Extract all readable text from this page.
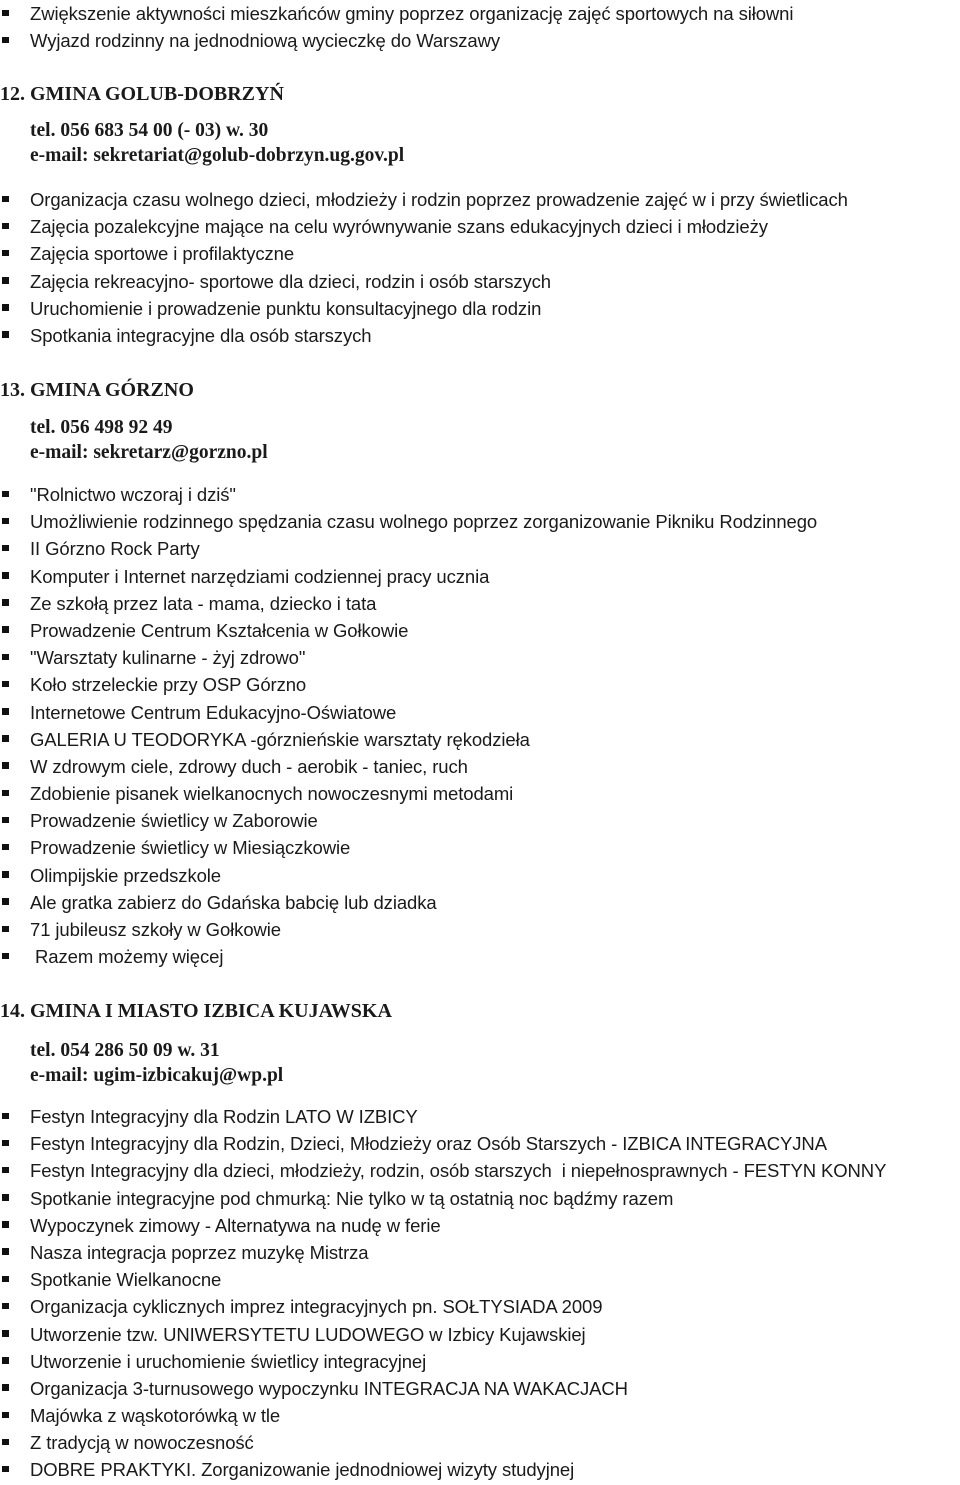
Zwiększenie aktywności mieszkańców gminy poprzez organizację zajęć sportowych na siłowni
Wyjazd rodzinny na jednodniową wycieczkę do Warszawy
12. GMINA GOLUB-DOBRZYŃ
tel. 056 683 54 00 (- 03) w. 30
e-mail: sekretariat@golub-dobrzyn.ug.gov.pl
Organizacja czasu wolnego dzieci, młodzieży i rodzin poprzez prowadzenie zajęć w i przy świetlicach
Zajęcia pozalekcyjne mające na celu wyrównywanie szans edukacyjnych dzieci i młodzieży
Zajęcia sportowe i profilaktyczne
Zajęcia rekreacyjno- sportowe dla dzieci, rodzin i osób starszych
Uruchomienie i prowadzenie punktu konsultacyjnego dla rodzin
Spotkania integracyjne dla osób starszych
13. GMINA GÓRZNO
tel. 056 498 92 49
e-mail: sekretarz@gorzno.pl
"Rolnictwo wczoraj i dziś"
Umożliwienie rodzinnego spędzania czasu wolnego poprzez zorganizowanie Pikniku Rodzinnego
II Górzno Rock Party
Komputer i Internet narzędziami codziennej pracy ucznia
Ze szkołą przez lata - mama, dziecko i tata
Prowadzenie Centrum Kształcenia w Gołkowie
"Warsztaty kulinarne - żyj zdrowo"
Koło strzeleckie przy OSP Górzno
Internetowe Centrum Edukacyjno-Oświatowe
GALERIA U TEODORYKA -górznieńskie warsztaty rękodzieła
W zdrowym ciele, zdrowy duch - aerobik - taniec, ruch
Zdobienie pisanek wielkanocnych nowoczesnymi metodami
Prowadzenie świetlicy w Zaborowie
Prowadzenie świetlicy w Miesiączkowie
Olimpijskie przedszkole
Ale gratka zabierz do Gdańska babcię lub dziadka
71 jubileusz szkoły w Gołkowie
Razem możemy więcej
14. GMINA I MIASTO IZBICA KUJAWSKA
tel. 054 286 50 09 w. 31
e-mail: ugim-izbicakuj@wp.pl
Festyn Integracyjny dla Rodzin LATO W IZBICY
Festyn Integracyjny dla Rodzin, Dzieci, Młodzieży oraz Osób Starszych - IZBICA INTEGRACYJNA
Festyn Integracyjny dla dzieci, młodzieży, rodzin, osób starszych  i niepełnosprawnych - FESTYN KONNY
Spotkanie integracyjne pod chmurką: Nie tylko w tą ostatnią noc bądźmy razem
Wypoczynek zimowy - Alternatywa na nudę w ferie
Nasza integracja poprzez muzykę Mistrza
Spotkanie Wielkanocne
Organizacja cyklicznych imprez integracyjnych pn. SOŁTYSIADA 2009
Utworzenie tzw. UNIWERSYTETU LUDOWEGO w Izbicy Kujawskiej
Utworzenie i uruchomienie świetlicy integracyjnej
Organizacja 3-turnusowego wypoczynku INTEGRACJA NA WAKACJACH
Majówka z wąskotorówką w tle
Z tradycją w nowoczesność
DOBRE PRAKTYKI. Zorganizowanie jednodniowej wizyty studyjnej
